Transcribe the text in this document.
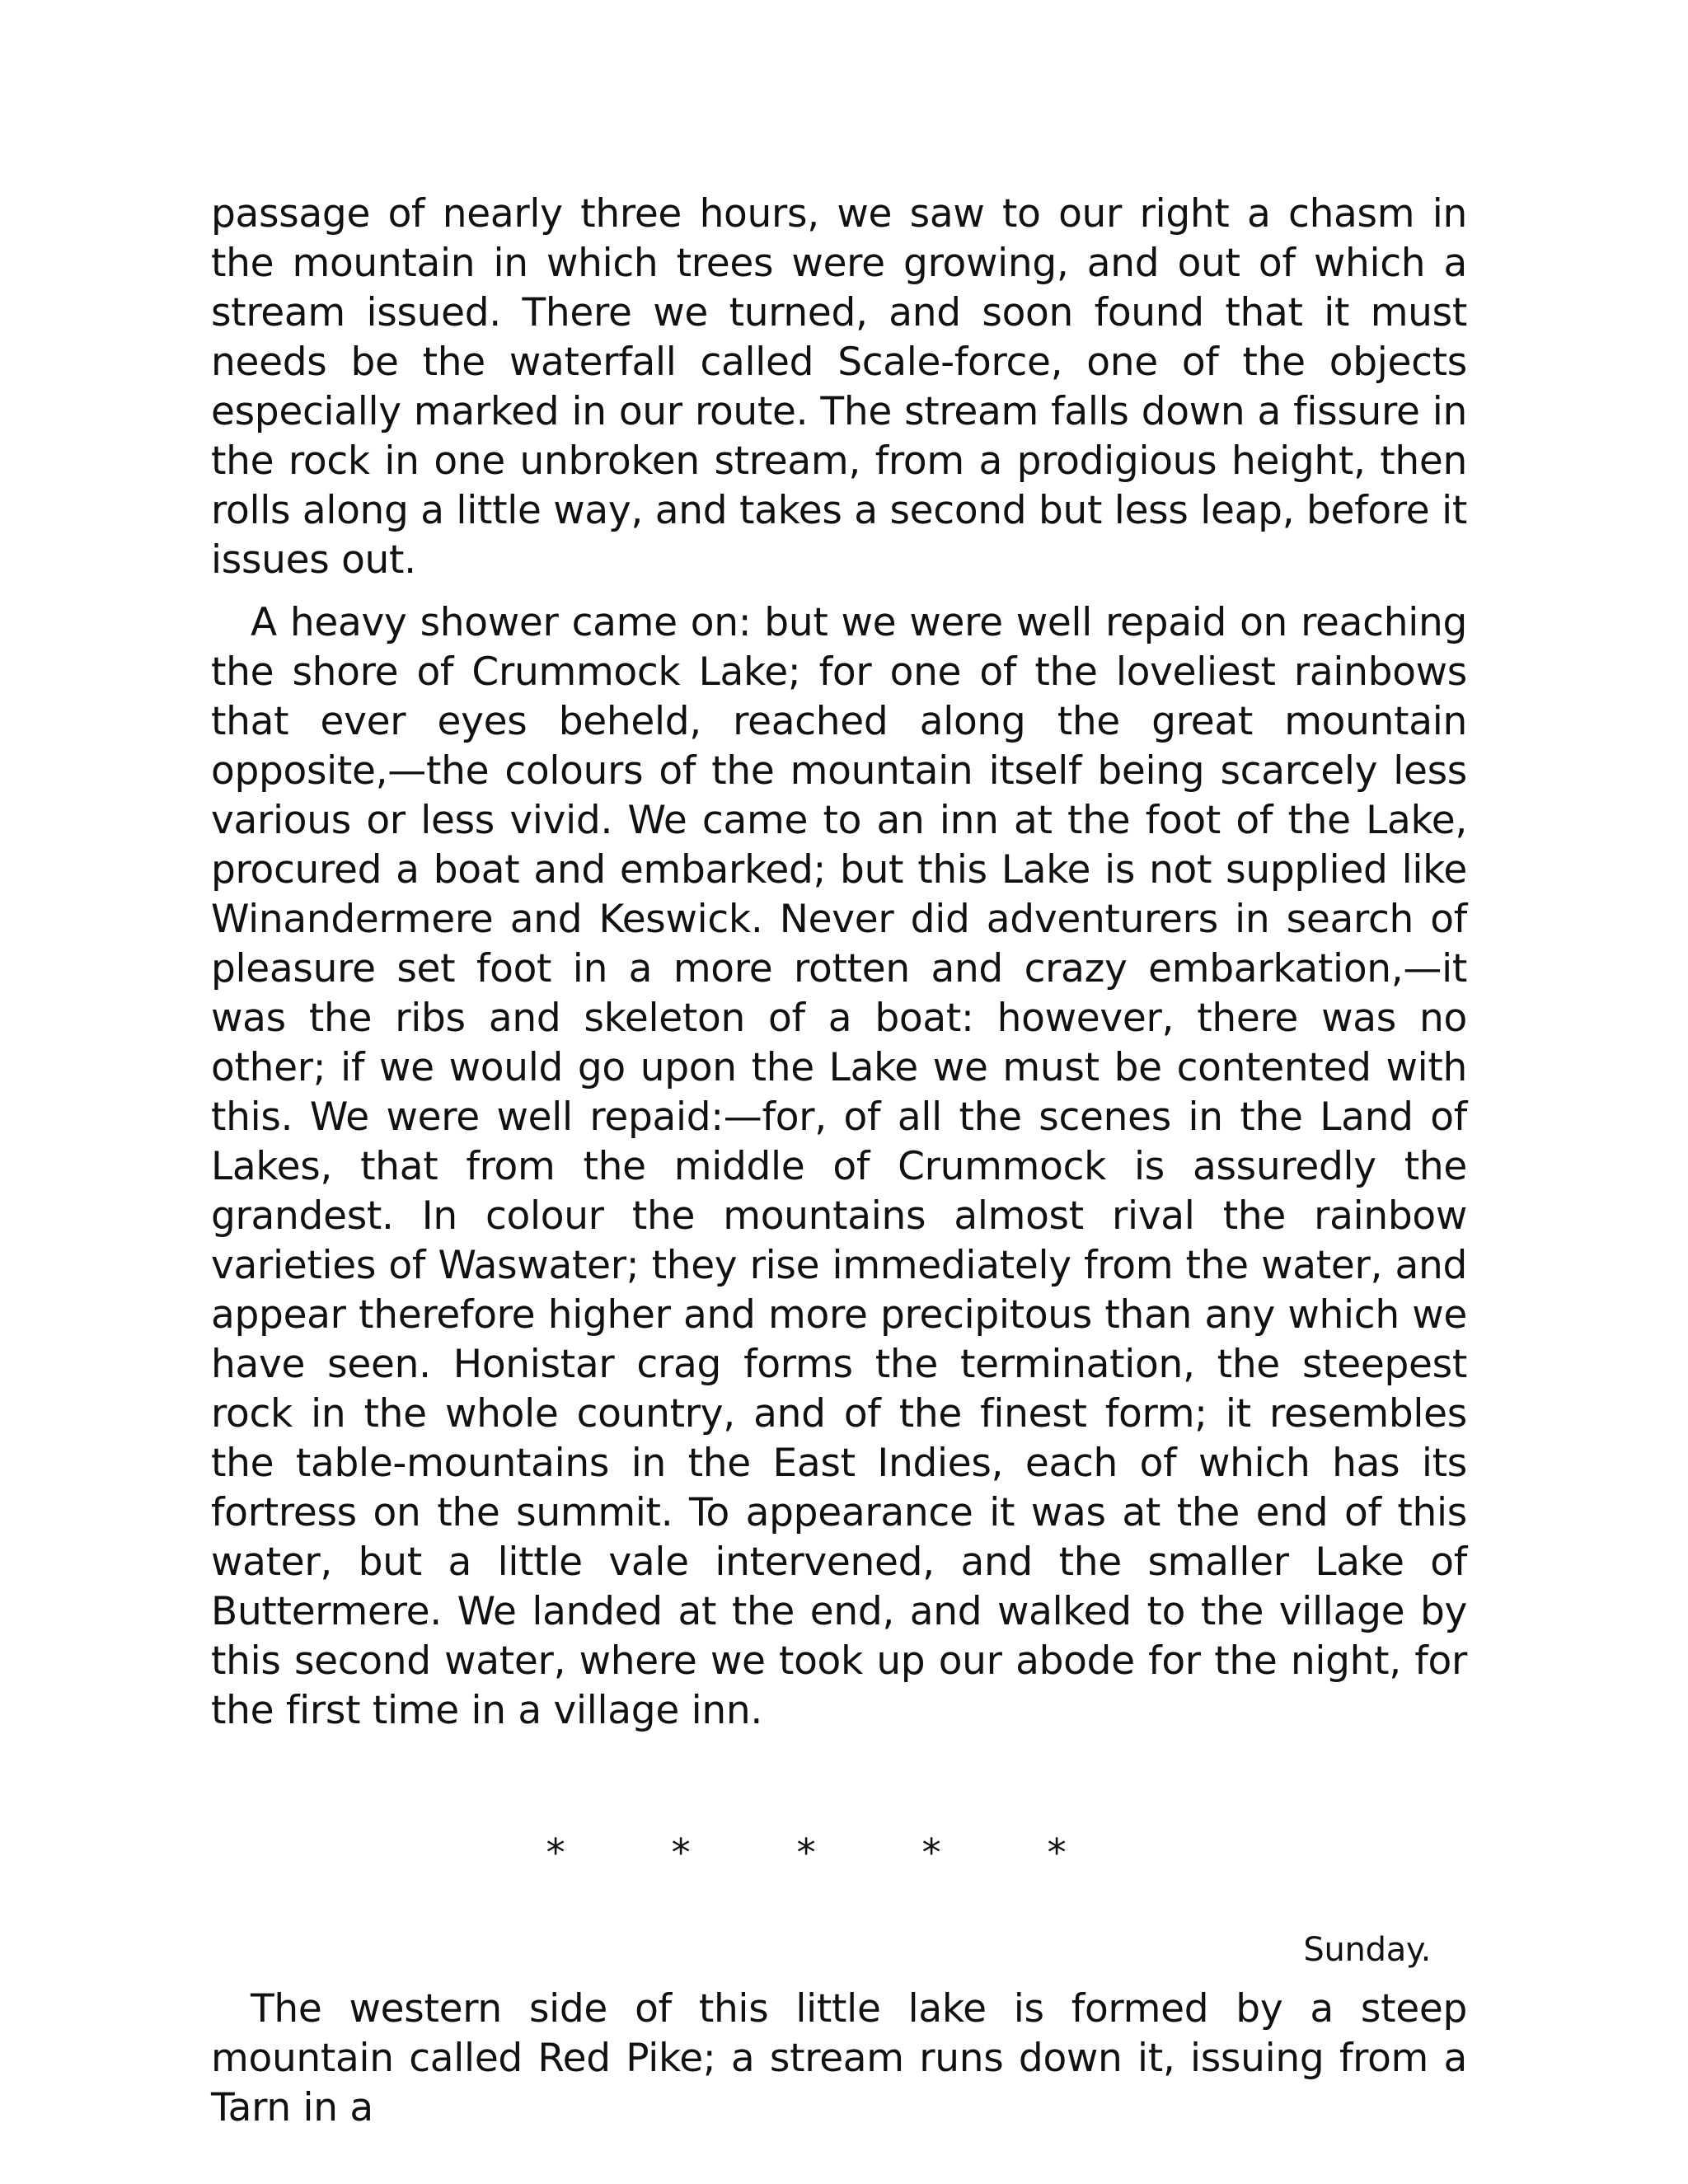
passage of nearly three hours, we saw to our right a chasm in the mountain in which trees were growing, and out of which a stream issued. There we turned, and soon found that it must needs be the waterfall called Scale-force, one of the objects especially marked in our route. The stream falls down a fissure in the rock in one unbroken stream, from a prodigious height, then rolls along a little way, and takes a second but less leap, before it issues out.

A heavy shower came on: but we were well repaid on reaching the shore of Crummock Lake; for one of the loveliest rainbows that ever eyes beheld, reached along the great mountain opposite,—the colours of the mountain itself being scarcely less various or less vivid. We came to an inn at the foot of the Lake, procured a boat and embarked; but this Lake is not supplied like Winandermere and Keswick. Never did adventurers in search of pleasure set foot in a more rotten and crazy embarkation,—it was the ribs and skeleton of a boat: however, there was no other; if we would go upon the Lake we must be contented with this. We were well repaid:—for, of all the scenes in the Land of Lakes, that from the middle of Crummock is assuredly the grandest. In colour the mountains almost rival the rainbow varieties of Waswater; they rise immediately from the water, and appear therefore higher and more precipitous than any which we have seen. Honistar crag forms the termination, the steepest rock in the whole country, and of the finest form; it resembles the table-mountains in the East Indies, each of which has its fortress on the summit. To appearance it was at the end of this water, but a little vale intervened, and the smaller Lake of Buttermere. We landed at the end, and walked to the village by this second water, where we took up our abode for the night, for the first time in a village inn.

*	*	*	*	*
Sunday.

The western side of this little lake is formed by a steep mountain called Red Pike; a stream runs down it, issuing from a Tarn in a
